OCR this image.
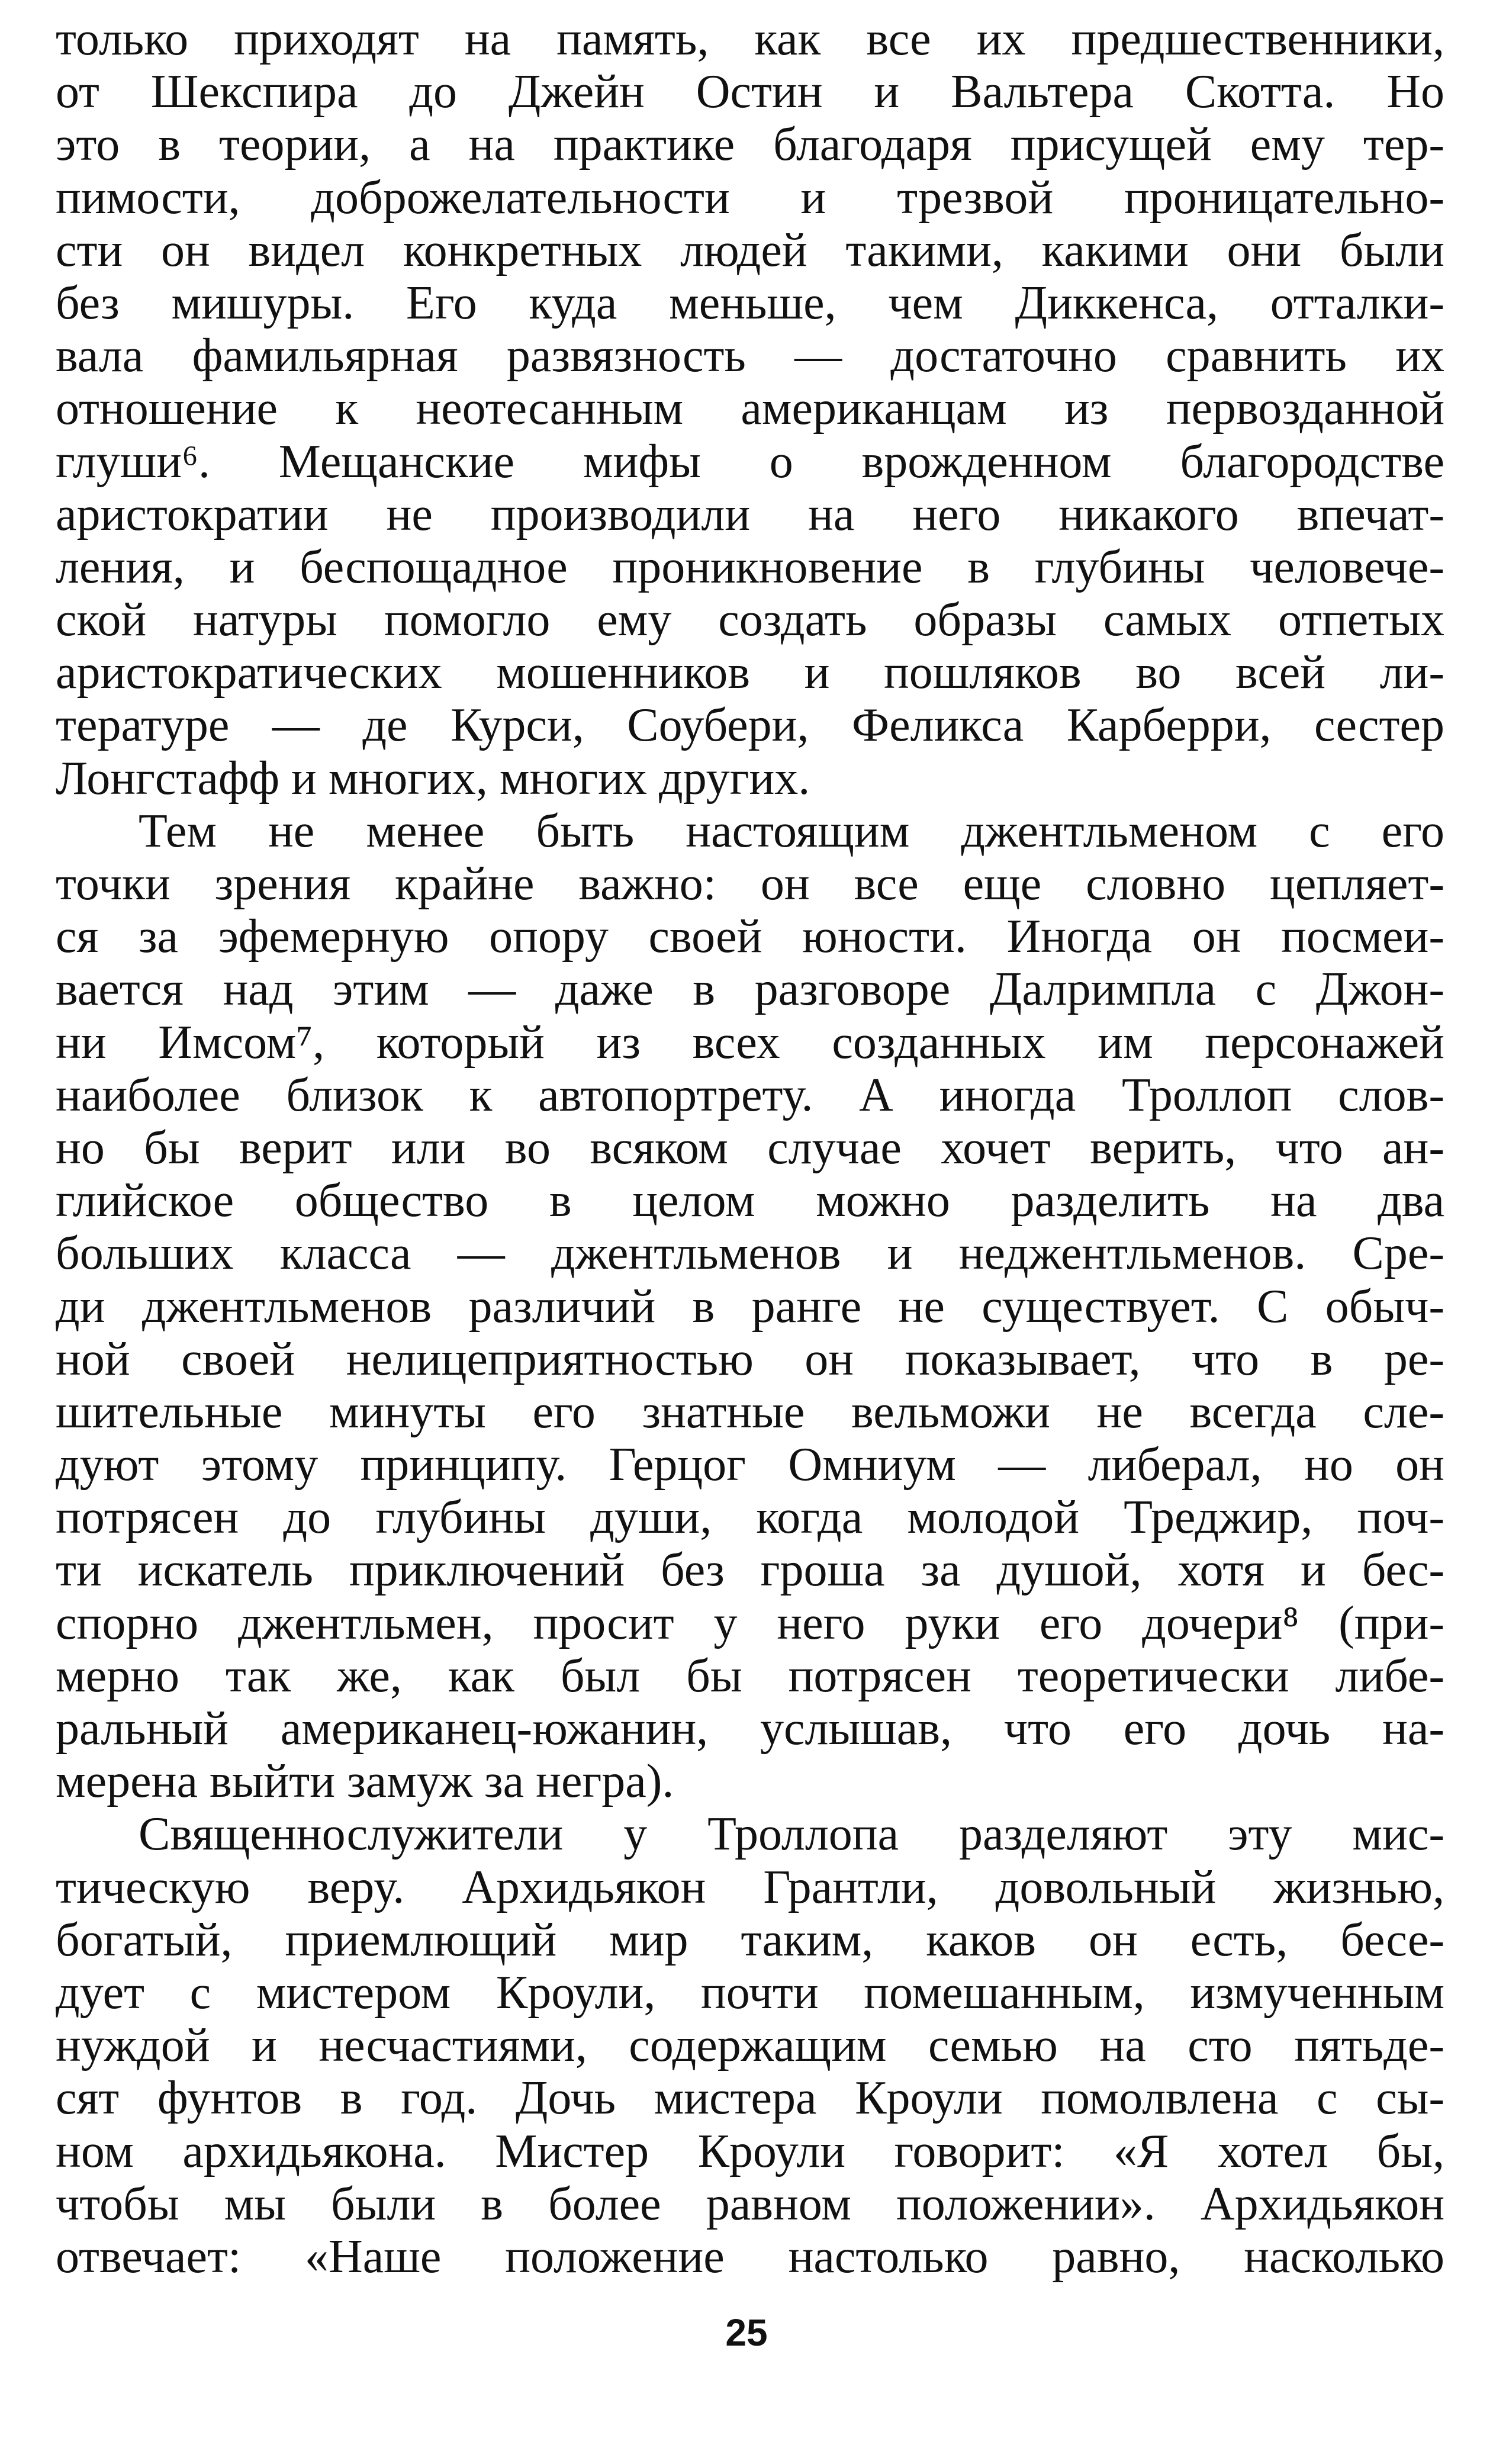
только приходят на память, как все их предшественники,
от Шекспира до Джейн Остин и Вальтера Скотта. Но
это в теории, а на практике благодаря присущей ему тер-
пимости, доброжелательности и трезвой проницательно-
сти он видел конкретных людей такими, какими они были
без мишуры. Его куда меньше, чем Диккенса, отталки-
вала фамильярная развязность — достаточно сравнить их
отношение к неотесанным американцам из первозданной
глуши⁶. Мещанские мифы о врожденном благородстве
аристократии не производили на него никакого впечат-
ления, и беспощадное проникновение в глубины человече-
ской натуры помогло ему создать образы самых отпетых
аристократических мошенников и пошляков во всей ли-
тературе — де Курси, Соубери, Феликса Карберри, сестер
Лонгстафф и многих, многих других.
Тем не менее быть настоящим джентльменом с его
точки зрения крайне важно: он все еще словно цепляет-
ся за эфемерную опору своей юности. Иногда он посмеи-
вается над этим — даже в разговоре Далримпла с Джон-
ни Имсом⁷, который из всех созданных им персонажей
наиболее близок к автопортрету. А иногда Троллоп слов-
но бы верит или во всяком случае хочет верить, что ан-
глийское общество в целом можно разделить на два
больших класса — джентльменов и неджентльменов. Сре-
ди джентльменов различий в ранге не существует. С обыч-
ной своей нелицеприятностью он показывает, что в ре-
шительные минуты его знатные вельможи не всегда сле-
дуют этому принципу. Герцог Омниум — либерал, но он
потрясен до глубины души, когда молодой Треджир, поч-
ти искатель приключений без гроша за душой, хотя и бес-
спорно джентльмен, просит у него руки его дочери⁸ (при-
мерно так же, как был бы потрясен теоретически либе-
ральный американец-южанин, услышав, что его дочь на-
мерена выйти замуж за негра).
Священнослужители у Троллопа разделяют эту мис-
тическую веру. Архидьякон Грантли, довольный жизнью,
богатый, приемлющий мир таким, каков он есть, бесе-
дует с мистером Кроули, почти помешанным, измученным
нуждой и несчастиями, содержащим семью на сто пятьде-
сят фунтов в год. Дочь мистера Кроули помолвлена с сы-
ном архидьякона. Мистер Кроули говорит: «Я хотел бы,
чтобы мы были в более равном положении». Архидьякон
отвечает: «Наше положение настолько равно, насколько
25
